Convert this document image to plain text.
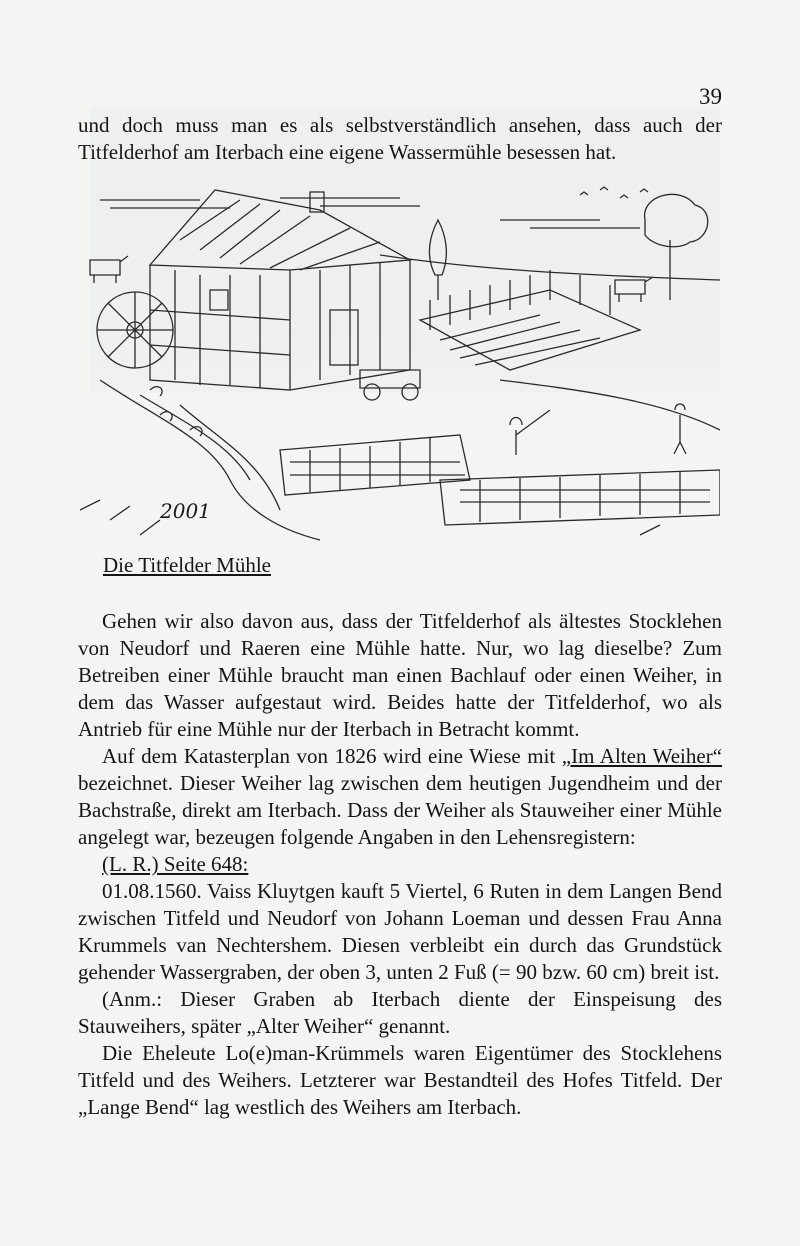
39

und doch muss man es als selbstverständlich ansehen, dass auch der Titfelderhof am Iterbach eine eigene Wassermühle besessen hat.

2001
Die Titfelder Mühle

Gehen wir also davon aus, dass der Titfelderhof als ältestes Stocklehen von Neudorf und Raeren eine Mühle hatte. Nur, wo lag dieselbe? Zum Betreiben einer Mühle braucht man einen Bachlauf oder einen Weiher, in dem das Wasser aufgestaut wird. Beides hatte der Titfelderhof, wo als Antrieb für eine Mühle nur der Iterbach in Betracht kommt.

Auf dem Katasterplan von 1826 wird eine Wiese mit „Im Alten Weiher“ bezeichnet. Dieser Weiher lag zwischen dem heutigen Jugendheim und der Bachstraße, direkt am Iterbach. Dass der Weiher als Stauweiher einer Mühle angelegt war, bezeugen folgende Angaben in den Lehensregistern:

(L. R.) Seite 648:

01.08.1560. Vaiss Kluytgen kauft 5 Viertel, 6 Ruten in dem Langen Bend zwischen Titfeld und Neudorf von Johann Loeman und dessen Frau Anna Krummels van Nechtershem. Diesen verbleibt ein durch das Grundstück gehender Wassergraben, der oben 3, unten 2 Fuß (= 90 bzw. 60 cm) breit ist.

(Anm.: Dieser Graben ab Iterbach diente der Einspeisung des Stauweihers, später „Alter Weiher“ genannt.

Die Eheleute Lo(e)man-Krümmels waren Eigentümer des Stocklehens Titfeld und des Weihers. Letzterer war Bestandteil des Hofes Titfeld. Der „Lange Bend“ lag westlich des Weihers am Iterbach.
